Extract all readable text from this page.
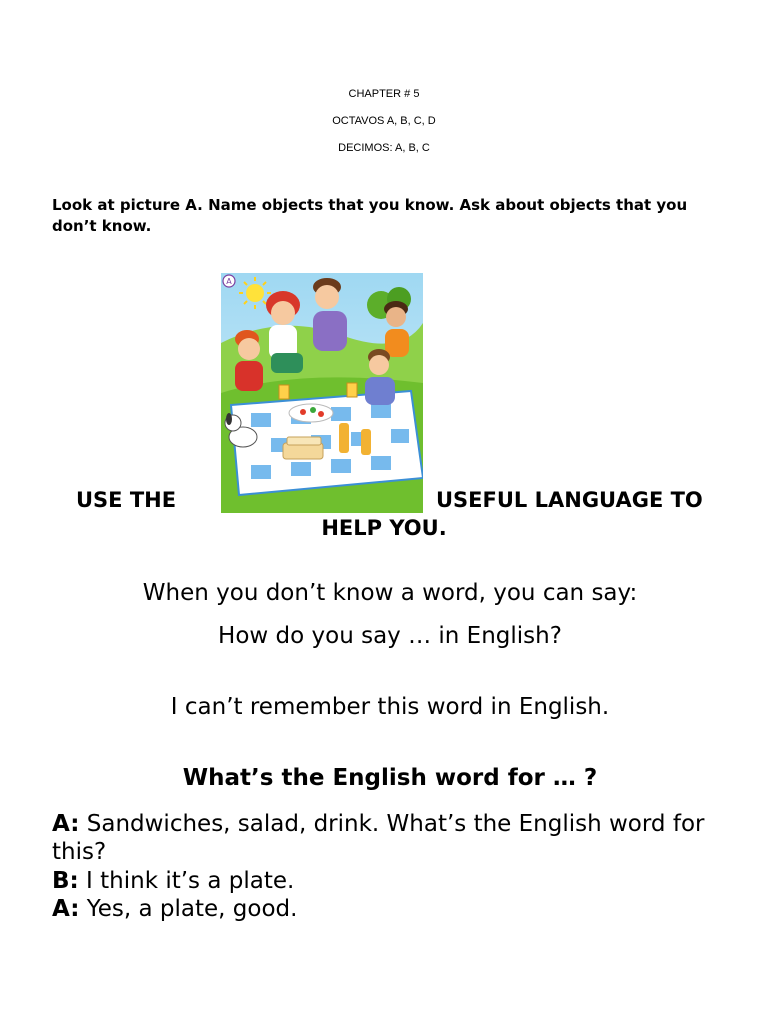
CHAPTER # 5
OCTAVOS A, B, C, D
DECIMOS: A, B, C
Look at picture A. Name objects that you know. Ask about objects that you don’t know.
A
USE THE	USEFUL LANGUAGE TO
HELP YOU.
When you don’t know a word, you can say:
How do you say … in English?
I can’t remember this word in English.
What’s the English word for … ?
A: Sandwiches, salad, drink. What’s the English word for this?
B: I think it’s a plate.
A: Yes, a plate, good.
